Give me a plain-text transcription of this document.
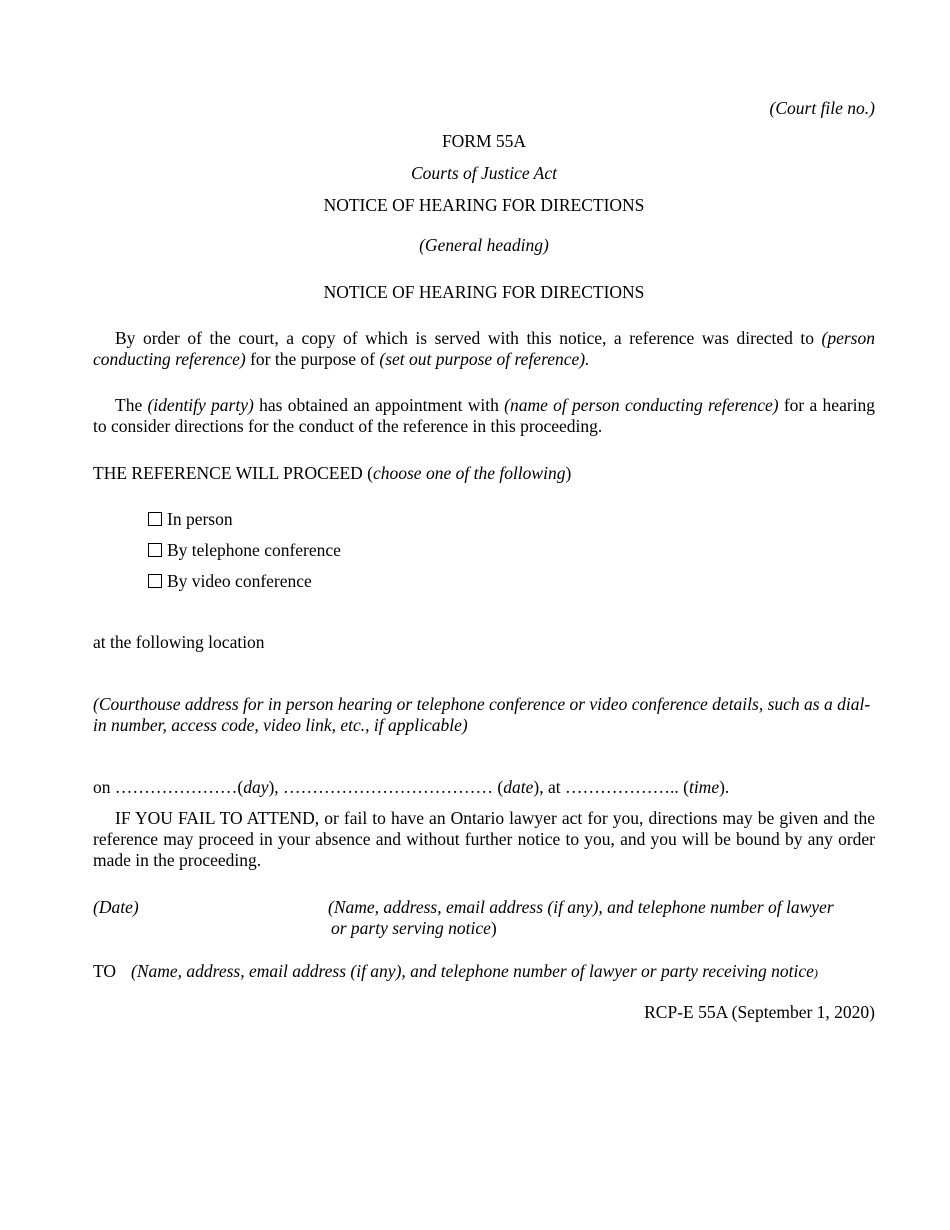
(Court file no.)
FORM 55A
Courts of Justice Act
NOTICE OF HEARING FOR DIRECTIONS
(General heading)
NOTICE OF HEARING FOR DIRECTIONS
By order of the court, a copy of which is served with this notice, a reference was directed to (person conducting reference) for the purpose of (set out purpose of reference).
The (identify party) has obtained an appointment with (name of person conducting reference) for a hearing to consider directions for the conduct of the reference in this proceeding.
THE REFERENCE WILL PROCEED (choose one of the following)
In person
By telephone conference
By video conference
at the following location
(Courthouse address for in person hearing or telephone conference or video conference details, such as a dial-in number, access code, video link, etc., if applicable)
on …………………(day), ……………………………… (date), at ……………….. (time).
IF YOU FAIL TO ATTEND, or fail to have an Ontario lawyer act for you, directions may be given and the reference may proceed in your absence and without further notice to you, and you will be bound by any order made in the proceeding.
(Date)	(Name, address, email address (if any), and telephone number of lawyer
or party serving notice)
TO (Name, address, email address (if any), and telephone number of lawyer or party receiving notice)
RCP-E 55A (September 1, 2020)
